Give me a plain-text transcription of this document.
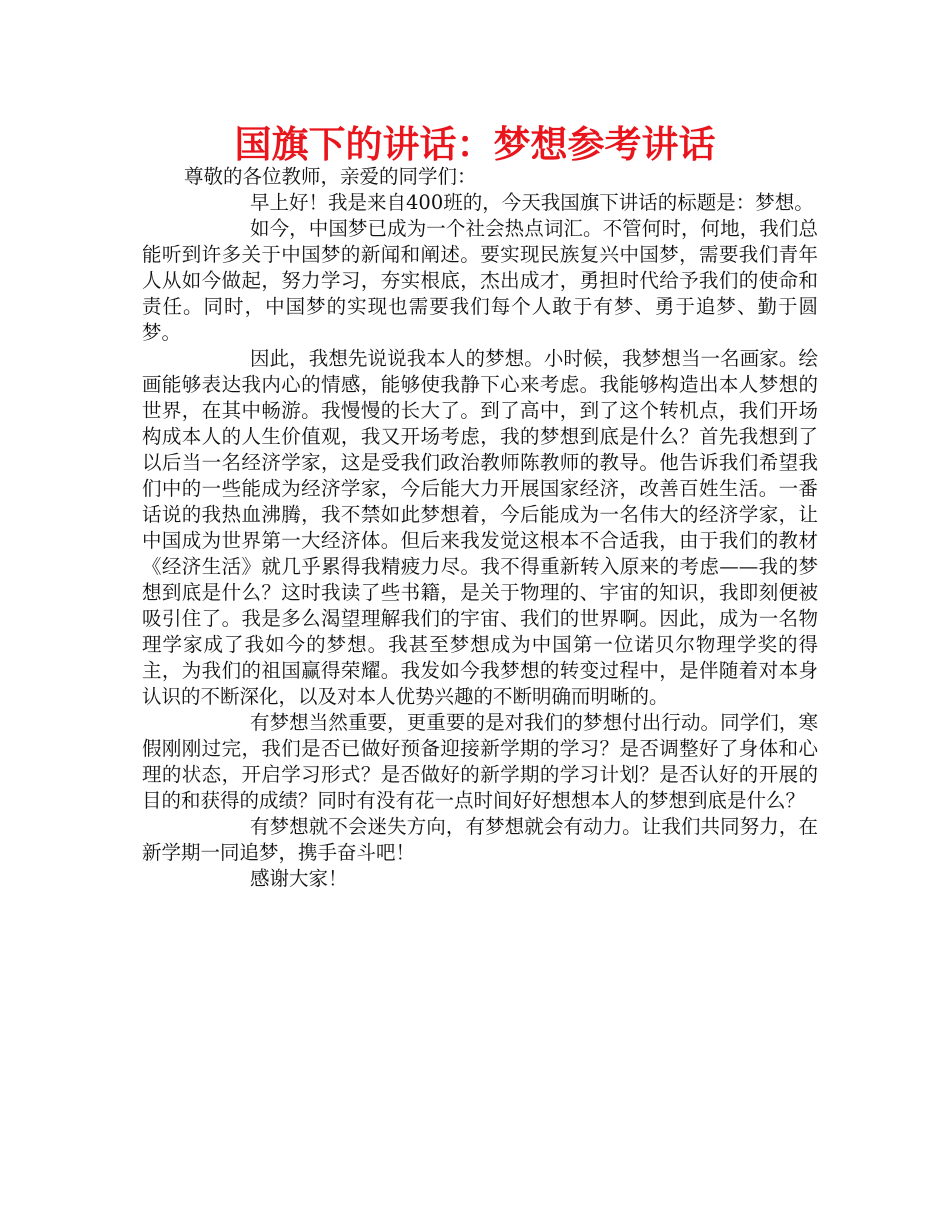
国旗下的讲话：梦想参考讲话

尊敬的各位教师，亲爱的同学们：

早上好！我是来自400班的，今天我国旗下讲话的标题是：梦想。

如今，中国梦已成为一个社会热点词汇。不管何时，何地，我们总能听到许多关于中国梦的新闻和阐述。要实现民族复兴中国梦，需要我们青年人从如今做起，努力学习，夯实根底，杰出成才，勇担时代给予我们的使命和责任。同时，中国梦的实现也需要我们每个人敢于有梦、勇于追梦、勤于圆梦。

因此，我想先说说我本人的梦想。小时候，我梦想当一名画家。绘画能够表达我内心的情感，能够使我静下心来考虑。我能够构造出本人梦想的世界，在其中畅游。我慢慢的长大了。到了高中，到了这个转机点，我们开场构成本人的人生价值观，我又开场考虑，我的梦想到底是什么？首先我想到了以后当一名经济学家，这是受我们政治教师陈教师的教导。他告诉我们希望我们中的一些能成为经济学家，今后能大力开展国家经济，改善百姓生活。一番话说的我热血沸腾，我不禁如此梦想着，今后能成为一名伟大的经济学家，让中国成为世界第一大经济体。但后来我发觉这根本不合适我，由于我们的教材《经济生活》就几乎累得我精疲力尽。我不得重新转入原来的考虑——我的梦想到底是什么？这时我读了些书籍，是关于物理的、宇宙的知识，我即刻便被吸引住了。我是多么渴望理解我们的宇宙、我们的世界啊。因此，成为一名物理学家成了我如今的梦想。我甚至梦想成为中国第一位诺贝尔物理学奖的得主，为我们的祖国赢得荣耀。我发如今我梦想的转变过程中，是伴随着对本身认识的不断深化，以及对本人优势兴趣的不断明确而明晰的。

有梦想当然重要，更重要的是对我们的梦想付出行动。同学们，寒假刚刚过完，我们是否已做好预备迎接新学期的学习？是否调整好了身体和心理的状态，开启学习形式？是否做好的新学期的学习计划？是否认好的开展的目的和获得的成绩？同时有没有花一点时间好好想想本人的梦想到底是什么？

有梦想就不会迷失方向，有梦想就会有动力。让我们共同努力，在新学期一同追梦，携手奋斗吧！

感谢大家！
